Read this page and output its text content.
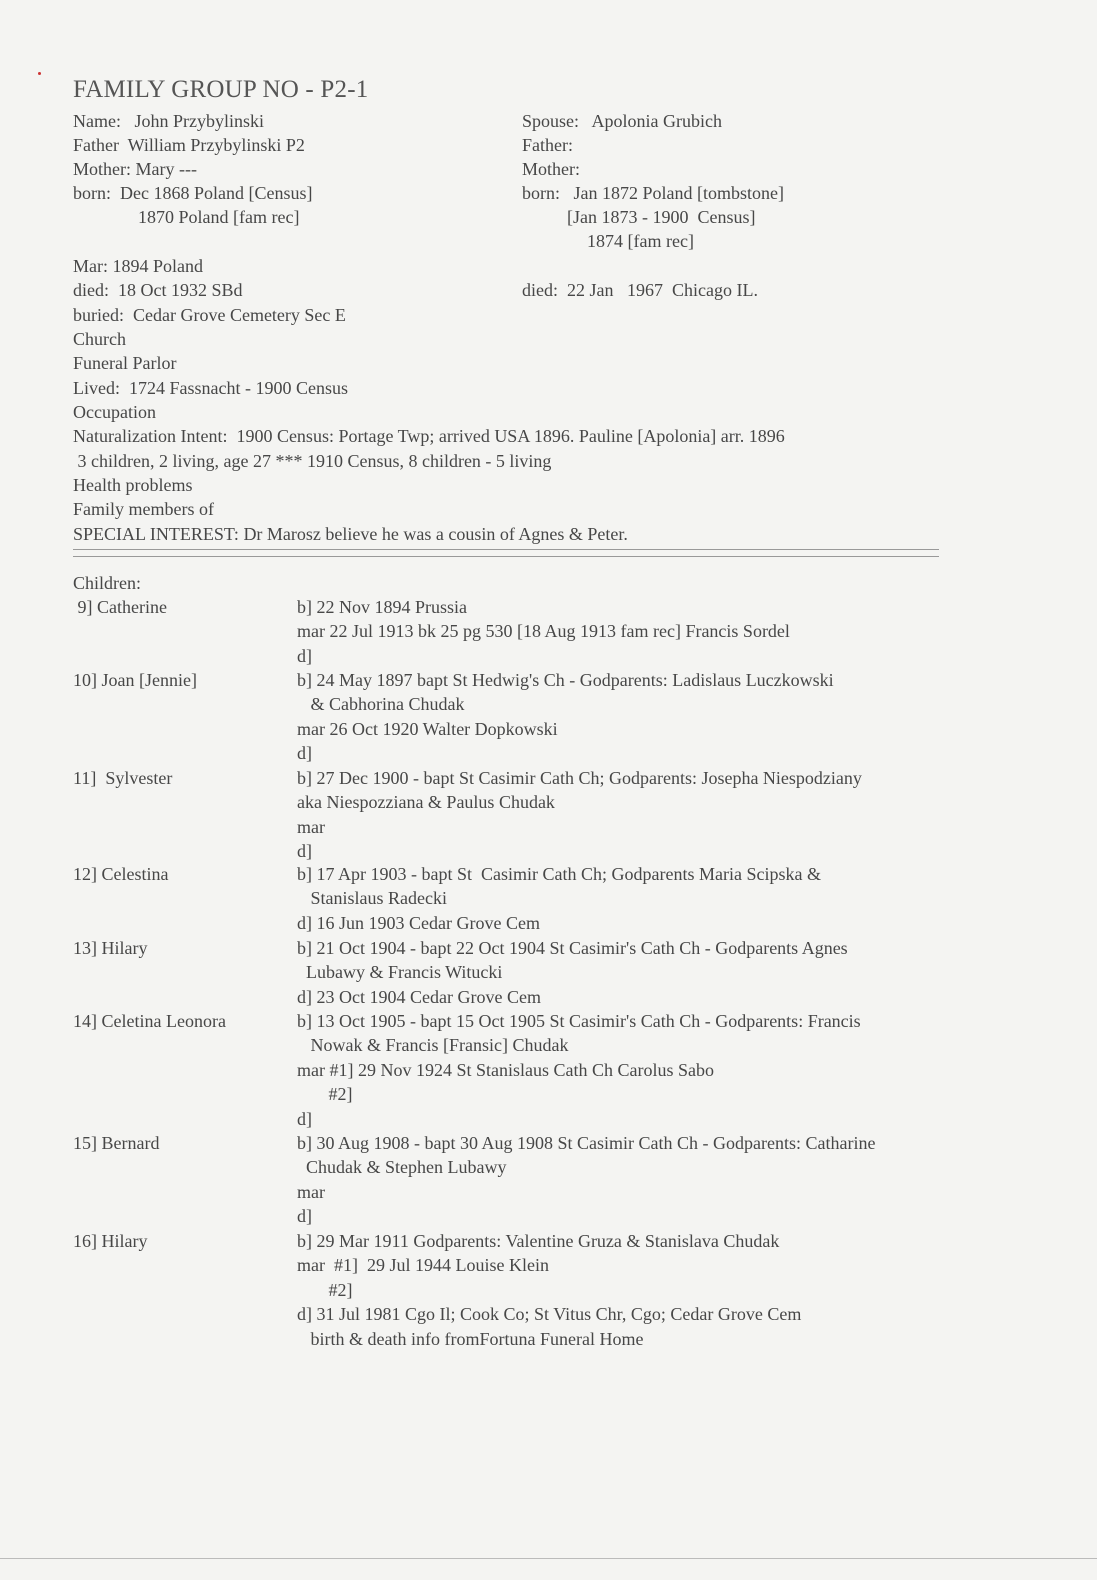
FAMILY GROUP NO - P2-1
Name:   John Przybylinski
Father  William Przybylinski P2
Mother: Mary ---
born:  Dec 1868 Poland [Census]
1870 Poland [fam rec]
Spouse:   Apolonia Grubich
Father:
Mother:
born:   Jan 1872 Poland [tombstone]
[Jan 1873 - 1900  Census]
1874 [fam rec]
Mar: 1894 Poland
died:  18 Oct 1932 SBd	died:  22 Jan   1967  Chicago IL.
buried:  Cedar Grove Cemetery Sec E
Church
Funeral Parlor
Lived:  1724 Fassnacht - 1900 Census
Occupation
Naturalization Intent:  1900 Census: Portage Twp; arrived USA 1896. Pauline [Apolonia] arr. 1896
3 children, 2 living, age 27 *** 1910 Census, 8 children - 5 living
Health problems
Family members of
SPECIAL INTEREST: Dr Marosz believe he was a cousin of Agnes & Peter.
Children:
9] Catherine	b] 22 Nov 1894 Prussia
mar 22 Jul 1913 bk 25 pg 530 [18 Aug 1913 fam rec] Francis Sordel
d]
10] Joan [Jennie]	b] 24 May 1897 bapt St Hedwig's Ch - Godparents: Ladislaus Luczkowski
& Cabhorina Chudak
mar 26 Oct 1920 Walter Dopkowski
d]
11]  Sylvester	b] 27 Dec 1900 - bapt St Casimir Cath Ch; Godparents: Josepha Niespodziany
aka Niespozziana & Paulus Chudak
mar
d]
12] Celestina	b] 17 Apr 1903 - bapt St  Casimir Cath Ch; Godparents Maria Scipska &
Stanislaus Radecki
d] 16 Jun 1903 Cedar Grove Cem
13] Hilary	b] 21 Oct 1904 - bapt 22 Oct 1904 St Casimir's Cath Ch - Godparents Agnes
Lubawy & Francis Witucki
d] 23 Oct 1904 Cedar Grove Cem
14] Celetina Leonora	b] 13 Oct 1905 - bapt 15 Oct 1905 St Casimir's Cath Ch - Godparents: Francis
Nowak & Francis [Fransic] Chudak
mar #1] 29 Nov 1924 St Stanislaus Cath Ch Carolus Sabo
#2]
d]
15] Bernard	b] 30 Aug 1908 - bapt 30 Aug 1908 St Casimir Cath Ch - Godparents: Catharine
Chudak & Stephen Lubawy
mar
d]
16] Hilary	b] 29 Mar 1911 Godparents: Valentine Gruza & Stanislava Chudak
mar  #1]  29 Jul 1944 Louise Klein
#2]
d] 31 Jul 1981 Cgo Il; Cook Co; St Vitus Chr, Cgo; Cedar Grove Cem
birth & death info fromFortuna Funeral Home
